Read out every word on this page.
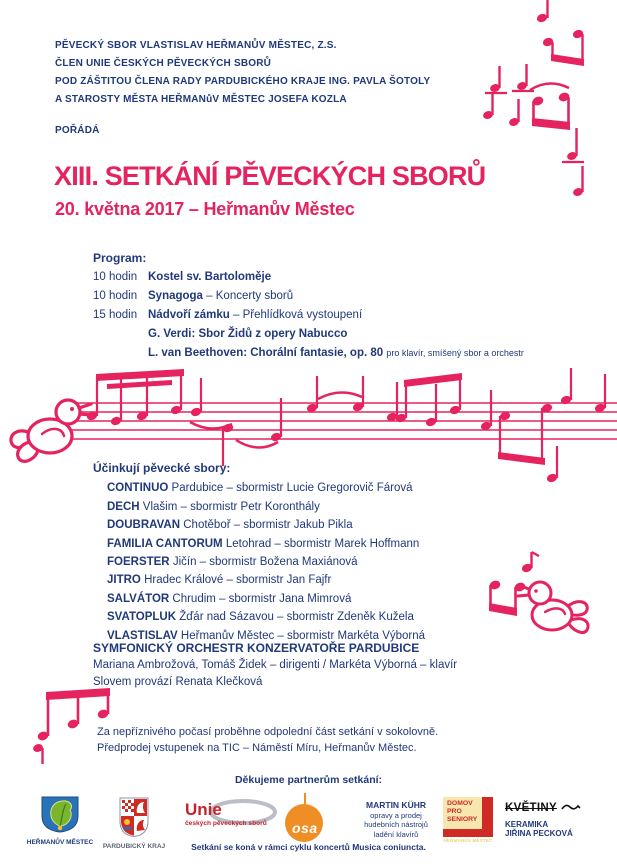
PĚVECKÝ SBOR VLASTISLAV HEŘMANŮV MĚSTEC, Z.S.
ČLEN UNIE ČESKÝCH PĚVECKÝCH SBORŮ
POD ZÁŠTITOU ČLENA RADY PARDUBICKÉHO KRAJE ING. PAVLA ŠOTOLY
A STAROSTY MĚSTA HEŘMANůV MĚSTEC JOSEFA KOZLA
POŘÁDÁ
XIII. SETKÁNÍ PĚVECKÝCH SBORŮ
20. května 2017 – Heřmanův Městec
Program:
10 hodin Kostel sv. Bartoloměje
10 hodin Synagoga – Koncerty sborů
15 hodin Nádvoří zámku – Přehlídková vystoupení
G. Verdi: Sbor Židů z opery Nabucco
L. van Beethoven: Chorální fantasie, op. 80 pro klavír, smíšený sbor a orchestr
Účinkují pěvecké sbory:
CONTINUO Pardubice – sbormistr Lucie Gregorovič Fárová
DECH Vlašim – sbormistr Petr Koronthály
DOUBRAVAN Chotěboř – sbormistr Jakub Pikla
FAMILIA CANTORUM Letohrad – sbormistr Marek Hoffmann
FOERSTER Jičín – sbormistr Božena Maxiánová
JITRO Hradec Králové – sbormistr Jan Fajfr
SALVÁTOR Chrudim – sbormistr Jana Mimrová
SVATOPLUK Žďár nad Sázavou – sbormistr Zdeněk Kužela
VLASTISLAV Heřmanův Městec – sbormistr Markéta Výborná
SYMFONICKÝ ORCHESTR KONZERVATOŘE PARDUBICE
Mariana Ambrožová, Tomáš Židek – dirigenti / Markéta Výborná – klavír
Slovem provází Renata Klečková
Za nepříznivého počasí proběhne odpolední část setkání v sokolovně.
Předprodej vstupenek na TIC – Náměstí Míru, Heřmanův Městec.
Děkujeme partnerům setkání:
HEŘMANŮV MĚSTEC
PARDUBICKÝ KRAJ
Unie
českých pěveckých sborů osa
MARTIN KÜHR
opravy a prodej
hudebních nástrojů
ladění klavírů
DOMOV
PRO
SENIORY
HEŘMANŮV MĚSTEC
KVĚTINY
KERAMIKA
JIŘINA PECKOVÁ
Setkání se koná v rámci cyklu koncertů Musica coniuncta.
